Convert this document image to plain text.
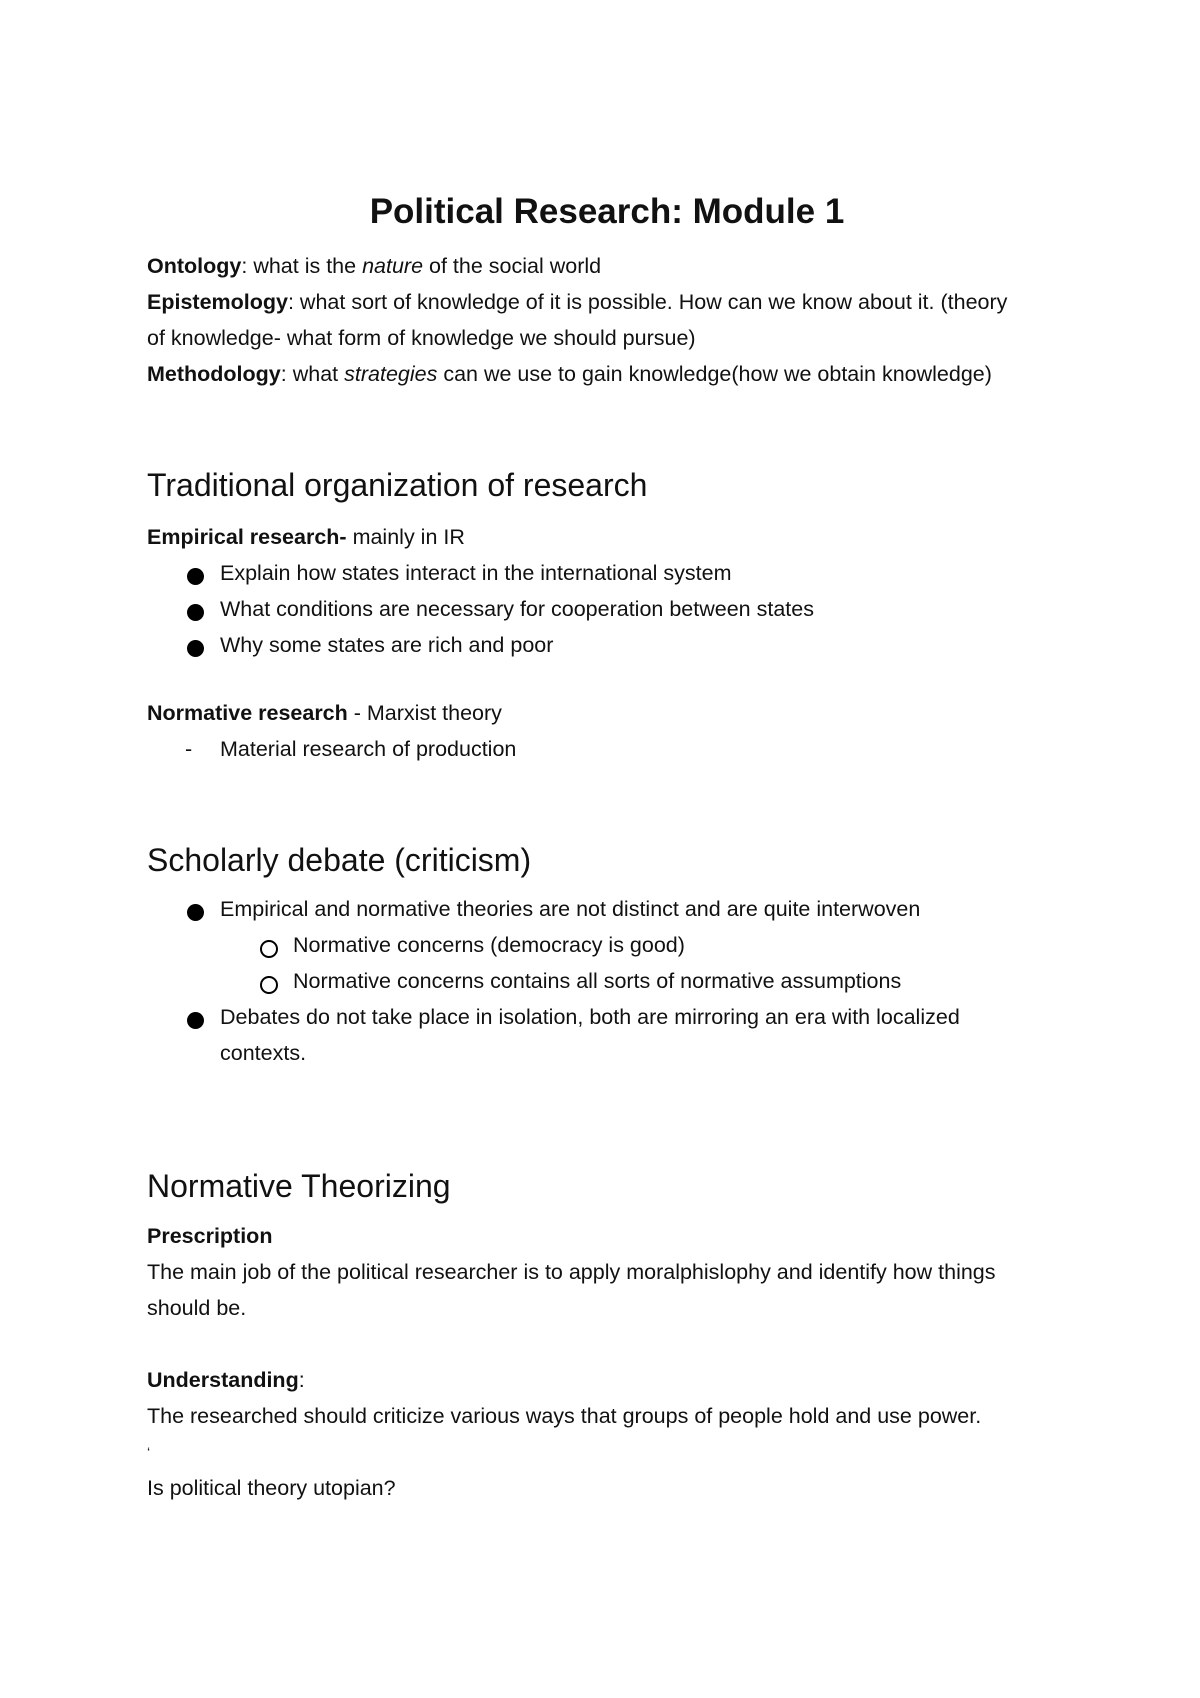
Political Research: Module 1
Ontology: what is the nature of the social world
Epistemology: what sort of knowledge of it is possible. How can we know about it. (theory
of knowledge- what form of knowledge we should pursue)
Methodology: what strategies can we use to gain knowledge(how we obtain knowledge)
Traditional organization of research
Empirical research- mainly in IR
Explain how states interact in the international system
What conditions are necessary for cooperation between states
Why some states are rich and poor
Normative research - Marxist theory
- Material research of production
Scholarly debate (criticism)
Empirical and normative theories are not distinct and are quite interwoven
Normative concerns (democracy is good)
Normative concerns contains all sorts of normative assumptions
Debates do not take place in isolation, both are mirroring an era with localized
contexts.
Normative Theorizing
Prescription
The main job of the political researcher is to apply moralphislophy and identify how things
should be.

Understanding:
The researched should criticize various ways that groups of people hold and use power.
‘
Is political theory utopian?
